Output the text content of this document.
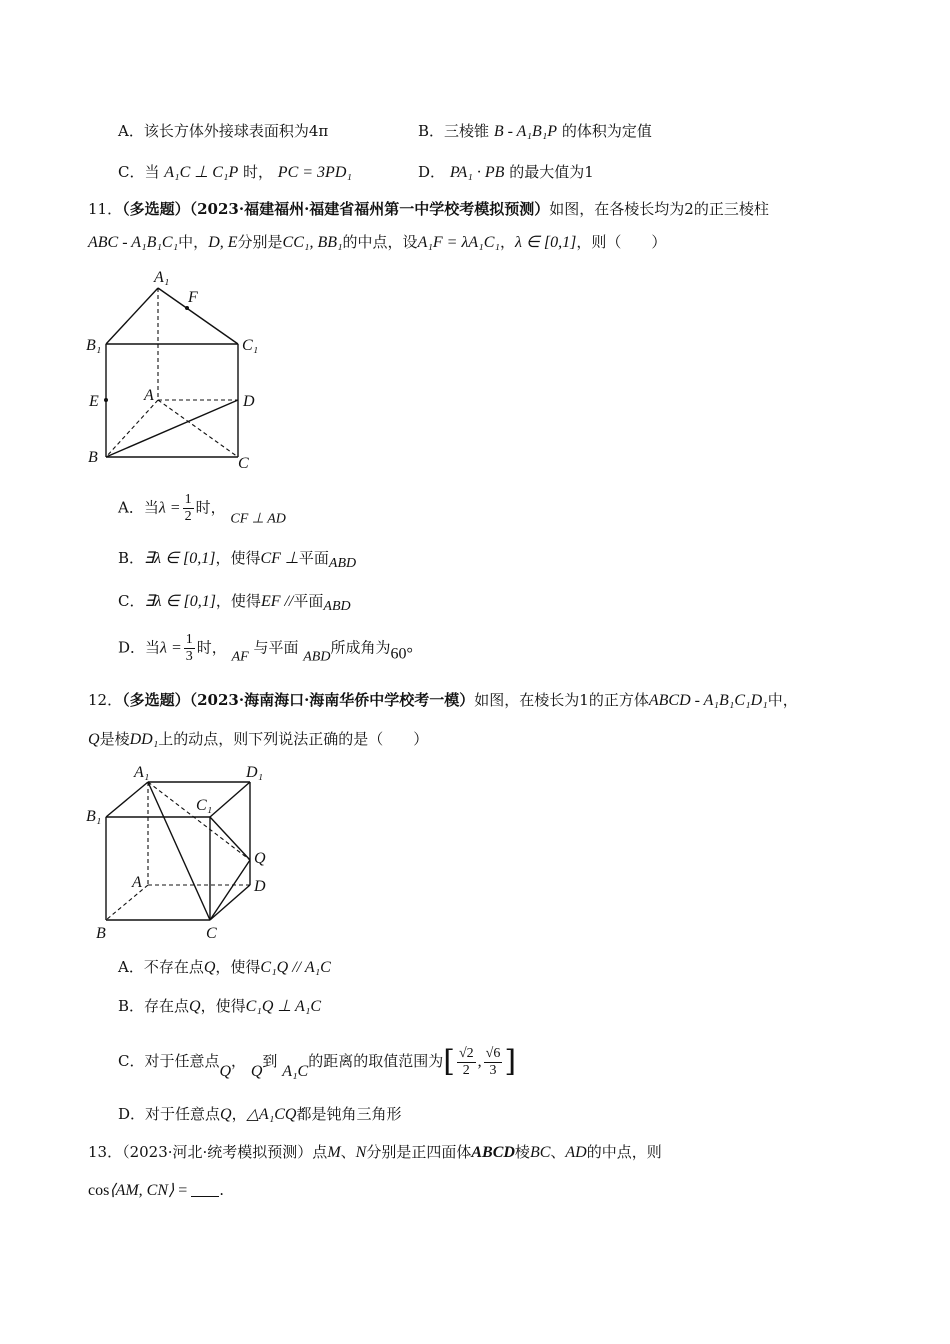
A．该长方体外接球表面积为4π	B．三棱锥 B - A₁B₁P 的体积为定值
C．当 A₁C ⊥ C₁P 时， PC = 3PD₁	D． PA₁ · PB 的最大值为1
11．（多选题）（2023·福建福州·福建省福州第一中学校考模拟预测）如图，在各棱长均为2的正三棱柱
ABC - A₁B₁C₁中，D, E分别是CC₁, BB₁的中点，设A₁F = λA₁C₁，λ ∈ [0,1]，则（　　）
A₁
F
B₁	C₁
E	A	D
B	C
A．当$\lambda = \frac{1}{2}$ 时， CF ⊥ AD
B．∃λ ∈ [0,1]，使得CF ⊥平面ABD
C．∃λ ∈ [0,1]，使得EF //平面ABD
D．当$\lambda = \frac{1}{3}$ 时， AF 与平面 ABD所成角为60°
12．（多选题）（2023·海南海口·海南华侨中学校考一模）如图，在棱长为1的正方体ABCD - A₁B₁C₁D₁中，
Q是棱DD₁上的动点，则下列说法正确的是（　　）
A₁	D₁
B₁
C₁
Q
A	D
B	C
A．不存在点Q，使得C₁Q // A₁C
B．存在点Q，使得C₁Q ⊥ A₁C
C．对于任意点Q， Q到 A₁C的距离的取值范围为[ $\frac{√2}{2}$ , $\frac{√6}{3}$ ]
D．对于任意点Q，△A₁CQ都是钝角三角形
13．（2023·河北·统考模拟预测）点M、N分别是正四面体ABCD棱BC、AD的中点，则
cos⟨AM, CN⟩ = .
